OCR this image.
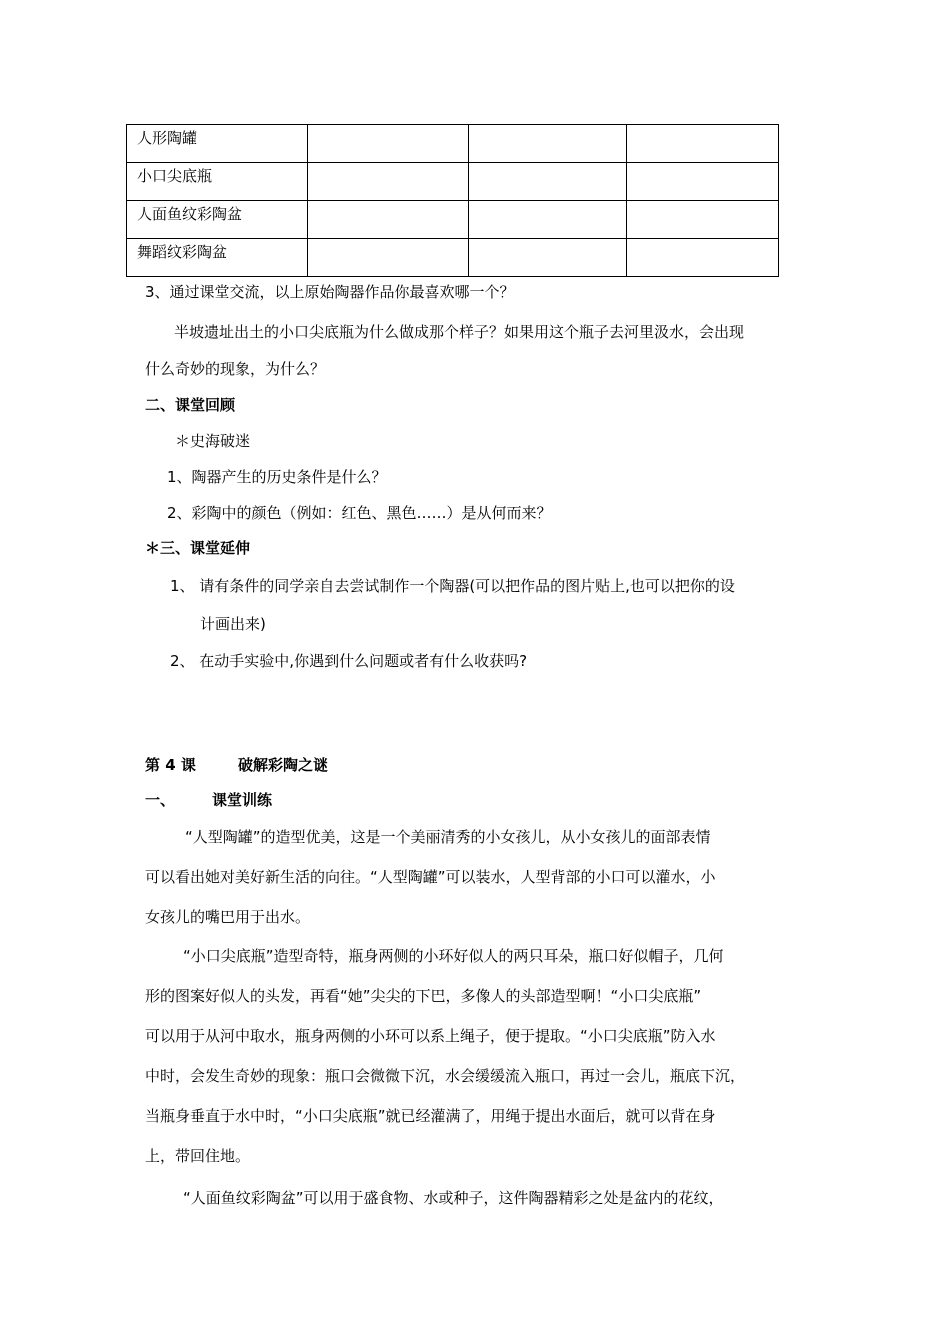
人形陶罐			
小口尖底瓶			
人面鱼纹彩陶盆			
舞蹈纹彩陶盆			
3、通过课堂交流，以上原始陶器作品你最喜欢哪一个？
半坡遗址出土的小口尖底瓶为什么做成那个样子？如果用这个瓶子去河里汲水，会出现
什么奇妙的现象，为什么？
二、课堂回顾
＊史海破迷
1、陶器产生的历史条件是什么？
2、彩陶中的颜色（例如：红色、黑色……）是从何而来？
＊三、课堂延伸
1、 请有条件的同学亲自去尝试制作一个陶器(可以把作品的图片贴上,也可以把你的设
计画出来)
2、 在动手实验中,你遇到什么问题或者有什么收获吗?
第 4 课	破解彩陶之谜
一、 课堂训练
“人型陶罐”的造型优美，这是一个美丽清秀的小女孩儿，从小女孩儿的面部表情
可以看出她对美好新生活的向往。“人型陶罐”可以装水，人型背部的小口可以灌水，小
女孩儿的嘴巴用于出水。
“小口尖底瓶”造型奇特，瓶身两侧的小环好似人的两只耳朵，瓶口好似帽子，几何
形的图案好似人的头发，再看“她”尖尖的下巴，多像人的头部造型啊！“小口尖底瓶”
可以用于从河中取水，瓶身两侧的小环可以系上绳子，便于提取。“小口尖底瓶”防入水
中时，会发生奇妙的现象：瓶口会微微下沉，水会缓缓流入瓶口，再过一会儿，瓶底下沉，
当瓶身垂直于水中时，“小口尖底瓶”就已经灌满了，用绳于提出水面后，就可以背在身
上，带回住地。
“人面鱼纹彩陶盆”可以用于盛食物、水或种子，这件陶器精彩之处是盆内的花纹，
